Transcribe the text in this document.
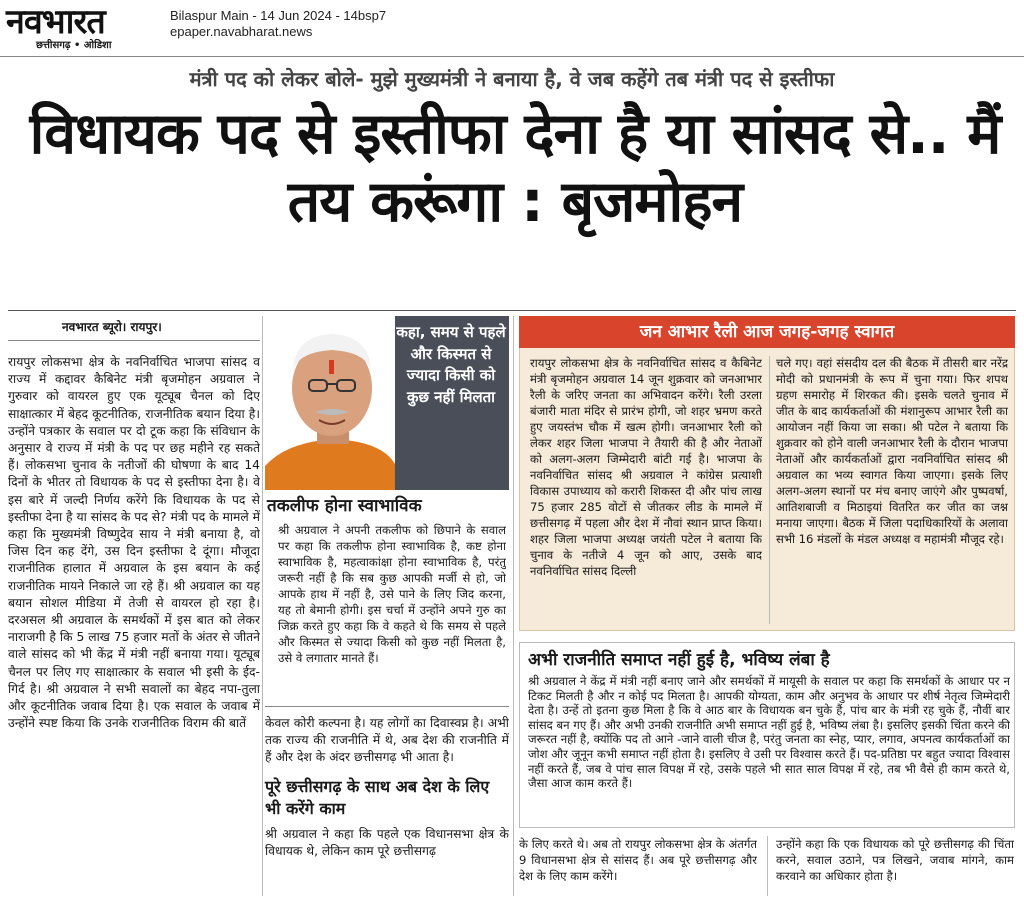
नवभारत
छत्तीसगढ़ • ओडिशा
Bilaspur Main - 14 Jun 2024 - 14bsp7
epaper.navabharat.news
मंत्री पद को लेकर बोले- मुझे मुख्यमंत्री ने बनाया है, वे जब कहेंगे तब मंत्री पद से इस्तीफा
विधायक पद से इस्तीफा देना है या सांसद से.. मैं तय करूंगा : बृजमोहन
नवभारत ब्यूरो। रायपुर।
रायपुर लोकसभा क्षेत्र के नवनिर्वाचित भाजपा सांसद व राज्य में कद्दावर कैबिनेट मंत्री बृजमोहन अग्रवाल ने गुरुवार को वायरल हुए एक यूट्यूब चैनल को दिए साक्षात्कार में बेहद कूटनीतिक, राजनीतिक बयान दिया है। उन्होंने पत्रकार के सवाल पर दो टूक कहा कि संविधान के अनुसार वे राज्य में मंत्री के पद पर छह महीने रह सकते हैं। लोकसभा चुनाव के नतीजों की घोषणा के बाद 14 दिनों के भीतर तो विधायक के पद से इस्तीफा देना है। वे इस बारे में जल्दी निर्णय करेंगे कि विधायक के पद से इस्तीफा देना है या सांसद के पद से? मंत्री पद के मामले में कहा कि मुख्यमंत्री विष्णुदेव साय ने मंत्री बनाया है, वो जिस दिन कह देंगे, उस दिन इस्तीफा दे दूंगा। मौजूदा राजनीतिक हालात में अग्रवाल के इस बयान के कई राजनीतिक मायने निकाले जा रहे हैं। श्री अग्रवाल का यह बयान सोशल मीडिया में तेजी से वायरल हो रहा है। दरअसल श्री अग्रवाल के समर्थकों में इस बात को लेकर नाराजगी है कि 5 लाख 75 हजार मतों के अंतर से जीतने वाले सांसद को भी केंद्र में मंत्री नहीं बनाया गया। यूट्यूब चैनल पर लिए गए साक्षात्कार के सवाल भी इसी के ईद-गिर्द है। श्री अग्रवाल ने सभी सवालों का बेहद नपा-तुला और कूटनीतिक जवाब दिया है। एक सवाल के जवाब में उन्होंने स्पष्ट किया कि उनके राजनीतिक विराम की बातें
कहा, समय से पहले और किस्मत से ज्यादा किसी को कुछ नहीं मिलता
तकलीफ होना स्वाभाविक
श्री अग्रवाल ने अपनी तकलीफ को छिपाने के सवाल पर कहा कि तकलीफ होना स्वाभाविक है, कष्ट होना स्वाभाविक है, महत्वाकांक्षा होना स्वाभाविक है, परंतु जरूरी नहीं है कि सब कुछ आपकी मर्जी से हो, जो आपके हाथ में नहीं है, उसे पाने के लिए जिद करना, यह तो बेमानी होगी। इस चर्चा में उन्होंने अपने गुरु का जिक्र करते हुए कहा कि वे कहते थे कि समय से पहले और किस्मत से ज्यादा किसी को कुछ नहीं मिलता है, उसे वे लगातार मानते हैं।
केवल कोरी कल्पना है। यह लोगों का दिवास्वप्न है। अभी तक राज्य की राजनीति में थे, अब देश की राजनीति में हैं और देश के अंदर छत्तीसगढ़ भी आता है।
पूरे छत्तीसगढ़ के साथ अब देश के लिए भी करेंगे काम
श्री अग्रवाल ने कहा कि पहले एक विधानसभा क्षेत्र के विधायक थे, लेकिन काम पूरे छत्तीसगढ़
जन आभार रैली आज जगह-जगह स्वागत
रायपुर लोकसभा क्षेत्र के नवनिर्वाचित सांसद व कैबिनेट मंत्री बृजमोहन अग्रवाल 14 जून शुक्रवार को जनआभार रैली के जरिए जनता का अभिवादन करेंगे। रैली उरला बंजारी माता मंदिर से प्रारंभ होगी, जो शहर भ्रमण करते हुए जयस्तंभ चौक में खत्म होगी। जनआभार रैली को लेकर शहर जिला भाजपा ने तैयारी की है और नेताओं को अलग-अलग जिम्मेदारी बांटी गई है। भाजपा के नवनिर्वाचित सांसद श्री अग्रवाल ने कांग्रेस प्रत्याशी विकास उपाध्याय को करारी शिकस्त दी और पांच लाख 75 हजार 285 वोटों से जीतकर लीड के मामले में छत्तीसगढ़ में पहला और देश में नौवां स्थान प्राप्त किया। शहर जिला भाजपा अध्यक्ष जयंती पटेल ने बताया कि चुनाव के नतीजे 4 जून को आए, उसके बाद नवनिर्वाचित सांसद दिल्ली
चले गए। वहां संसदीय दल की बैठक में तीसरी बार नरेंद्र मोदी को प्रधानमंत्री के रूप में चुना गया। फिर शपथ ग्रहण समारोह में शिरकत की। इसके चलते चुनाव में जीत के बाद कार्यकर्ताओं की मंशानुरूप आभार रैली का आयोजन नहीं किया जा सका। श्री पटेल ने बताया कि शुक्रवार को होने वाली जनआभार रैली के दौरान भाजपा नेताओं और कार्यकर्ताओं द्वारा नवनिर्वाचित सांसद श्री अग्रवाल का भव्य स्वागत किया जाएगा। इसके लिए अलग-अलग स्थानों पर मंच बनाए जाएंगे और पुष्पवर्षा, आतिशबाजी व मिठाइयां वितरित कर जीत का जश्न मनाया जाएगा। बैठक में जिला पदाधिकारियों के अलावा सभी 16 मंडलों के मंडल अध्यक्ष व महामंत्री मौजूद रहे।
अभी राजनीति समाप्त नहीं हुई है, भविष्य लंबा है
श्री अग्रवाल ने केंद्र में मंत्री नहीं बनाए जाने और समर्थकों में मायूसी के सवाल पर कहा कि समर्थकों के आधार पर न टिकट मिलती है और न कोई पद मिलता है। आपकी योग्यता, काम और अनुभव के आधार पर शीर्ष नेतृत्व जिम्मेदारी देता है। उन्हें तो इतना कुछ मिला है कि वे आठ बार के विधायक बन चुके हैं, पांच बार के मंत्री रह चुके हैं, नौवीं बार सांसद बन गए हैं। और अभी उनकी राजनीति अभी समाप्त नहीं हुई है, भविष्य लंबा है। इसलिए इसकी चिंता करने की जरूरत नहीं है, क्योंकि पद तो आने -जाने वाली चीज है, परंतु जनता का स्नेह, प्यार, लगाव, अपनत्व कार्यकर्ताओं का जोश और जूनून कभी समाप्त नहीं होता है। इसलिए वे उसी पर विश्वास करते हैं। पद-प्रतिष्ठा पर बहुत ज्यादा विश्वास नहीं करते हैं, जब वे पांच साल विपक्ष में रहे, उसके पहले भी सात साल विपक्ष में रहे, तब भी वैसे ही काम करते थे, जैसा आज काम करते हैं।
के लिए करते थे। अब तो रायपुर लोकसभा क्षेत्र के अंतर्गत 9 विधानसभा क्षेत्र से सांसद हैं। अब पूरे छत्तीसगढ़ और देश के लिए काम करेंगे।
उन्होंने कहा कि एक विधायक को पूरे छत्तीसगढ़ की चिंता करने, सवाल उठाने, पत्र लिखने, जवाब मांगने, काम करवाने का अधिकार होता है।
